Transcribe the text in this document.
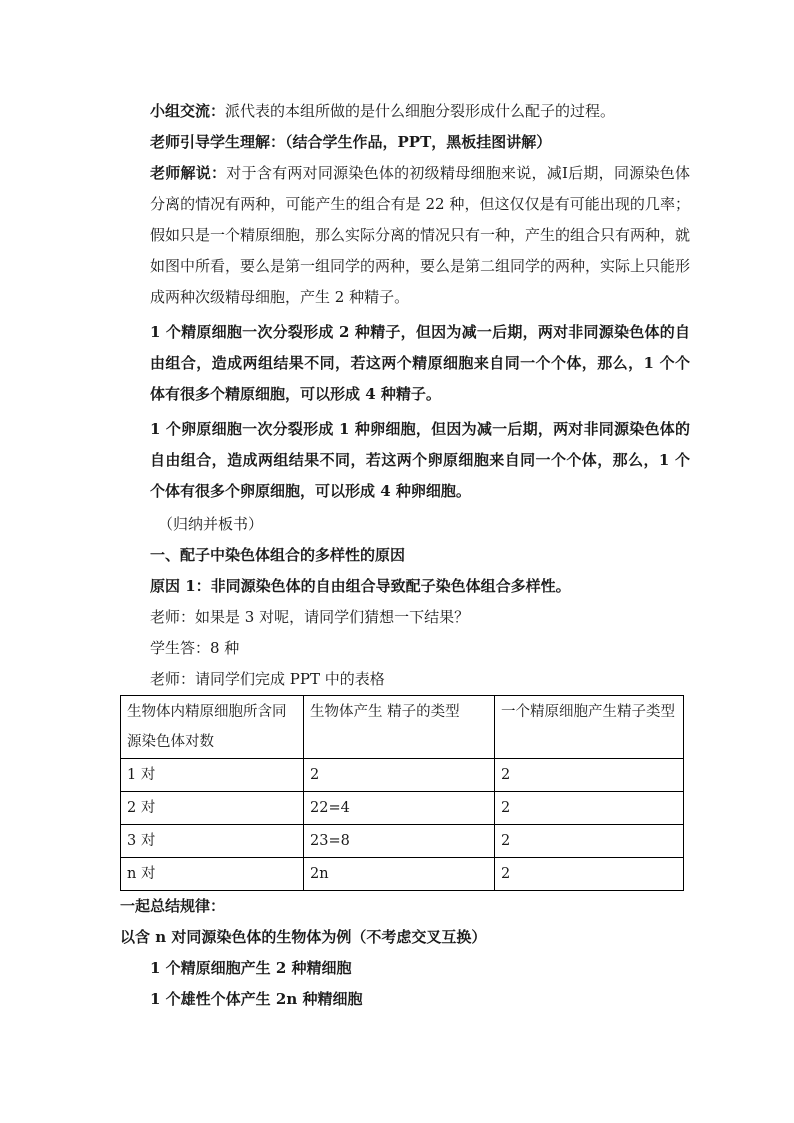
小组交流：派代表的本组所做的是什么细胞分裂形成什么配子的过程。

老师引导学生理解：（结合学生作品，PPT，黑板挂图讲解）

老师解说：对于含有两对同源染色体的初级精母细胞来说，减Ⅰ后期，同源染色体分离的情况有两种，可能产生的组合有是 22 种，但这仅仅是有可能出现的几率；假如只是一个精原细胞，那么实际分离的情况只有一种，产生的组合只有两种，就如图中所看，要么是第一组同学的两种，要么是第二组同学的两种，实际上只能形成两种次级精母细胞，产生 2 种精子。

1 个精原细胞一次分裂形成 2 种精子，但因为减一后期，两对非同源染色体的自由组合，造成两组结果不同，若这两个精原细胞来自同一个个体，那么，1 个个体有很多个精原细胞，可以形成 4 种精子。

1 个卵原细胞一次分裂形成 1 种卵细胞，但因为减一后期，两对非同源染色体的自由组合，造成两组结果不同，若这两个卵原细胞来自同一个个体，那么，1 个个体有很多个卵原细胞，可以形成 4 种卵细胞。

（归纳并板书）

一、配子中染色体组合的多样性的原因

原因 1：非同源染色体的自由组合导致配子染色体组合多样性。

老师：如果是 3 对呢，请同学们猜想一下结果？

学生答：8 种

老师：请同学们完成 PPT 中的表格

生物体内精原细胞所含同源染色体对数	生物体产生 精子的类型	一个精原细胞产生精子类型
1 对	2	2
2 对	22=4	2
3 对	23=8	2
n 对	2n	2

一起总结规律：

以含 n 对同源染色体的生物体为例（不考虑交叉互换）

1 个精原细胞产生 2 种精细胞

1 个雄性个体产生 2n 种精细胞
